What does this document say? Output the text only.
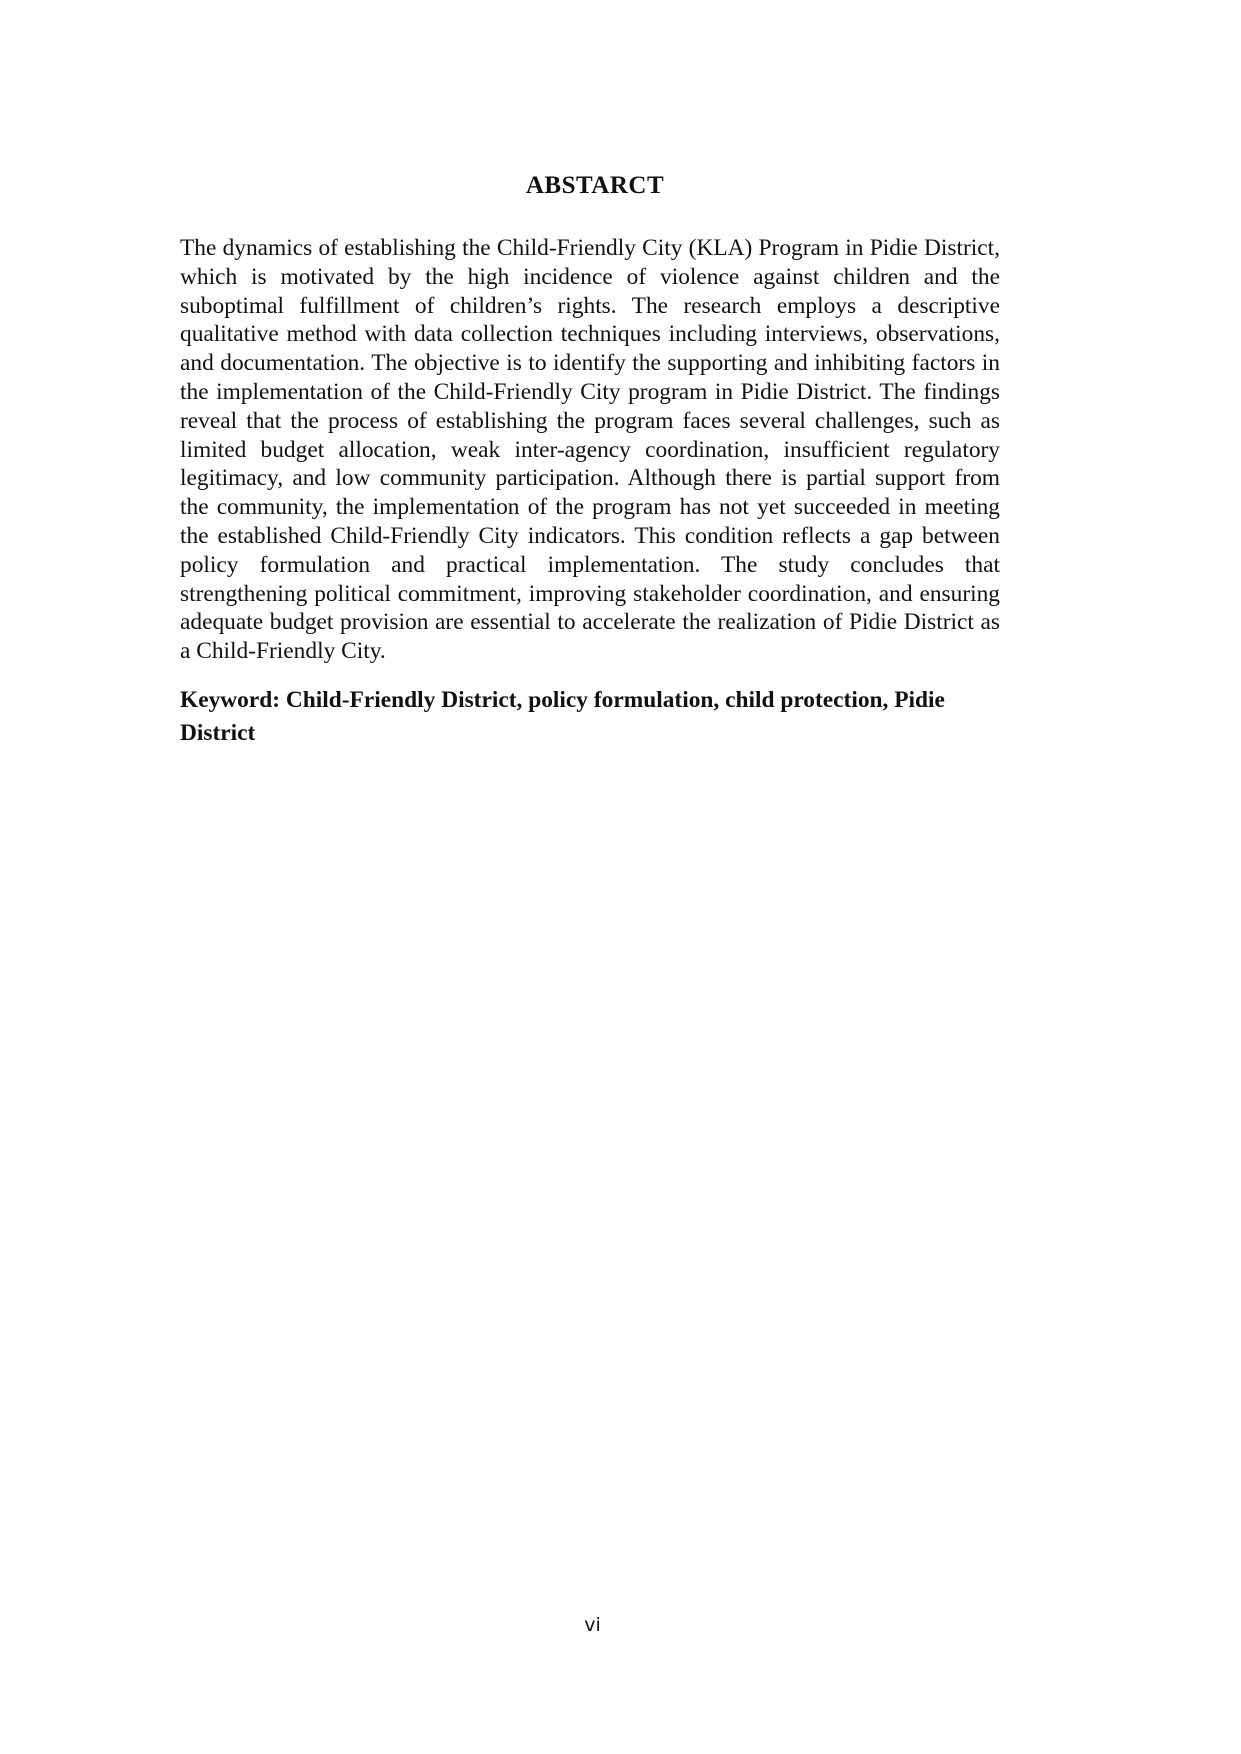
ABSTARCT

The dynamics of establishing the Child-Friendly City (KLA) Program in Pidie District, which is motivated by the high incidence of violence against children and the suboptimal fulfillment of children’s rights. The research employs a descriptive qualitative method with data collection techniques including interviews, observations, and documentation. The objective is to identify the supporting and inhibiting factors in the implementation of the Child-Friendly City program in Pidie District. The findings reveal that the process of establishing the program faces several challenges, such as limited budget allocation, weak inter-agency coordination, insufficient regulatory legitimacy, and low community participation. Although there is partial support from the community, the implementation of the program has not yet succeeded in meeting the established Child-Friendly City indicators. This condition reflects a gap between policy formulation and practical implementation. The study concludes that strengthening political commitment, improving stakeholder coordination, and ensuring adequate budget provision are essential to accelerate the realization of Pidie District as a Child-Friendly City.

Keyword: Child-Friendly District, policy formulation, child protection, Pidie District

vi
